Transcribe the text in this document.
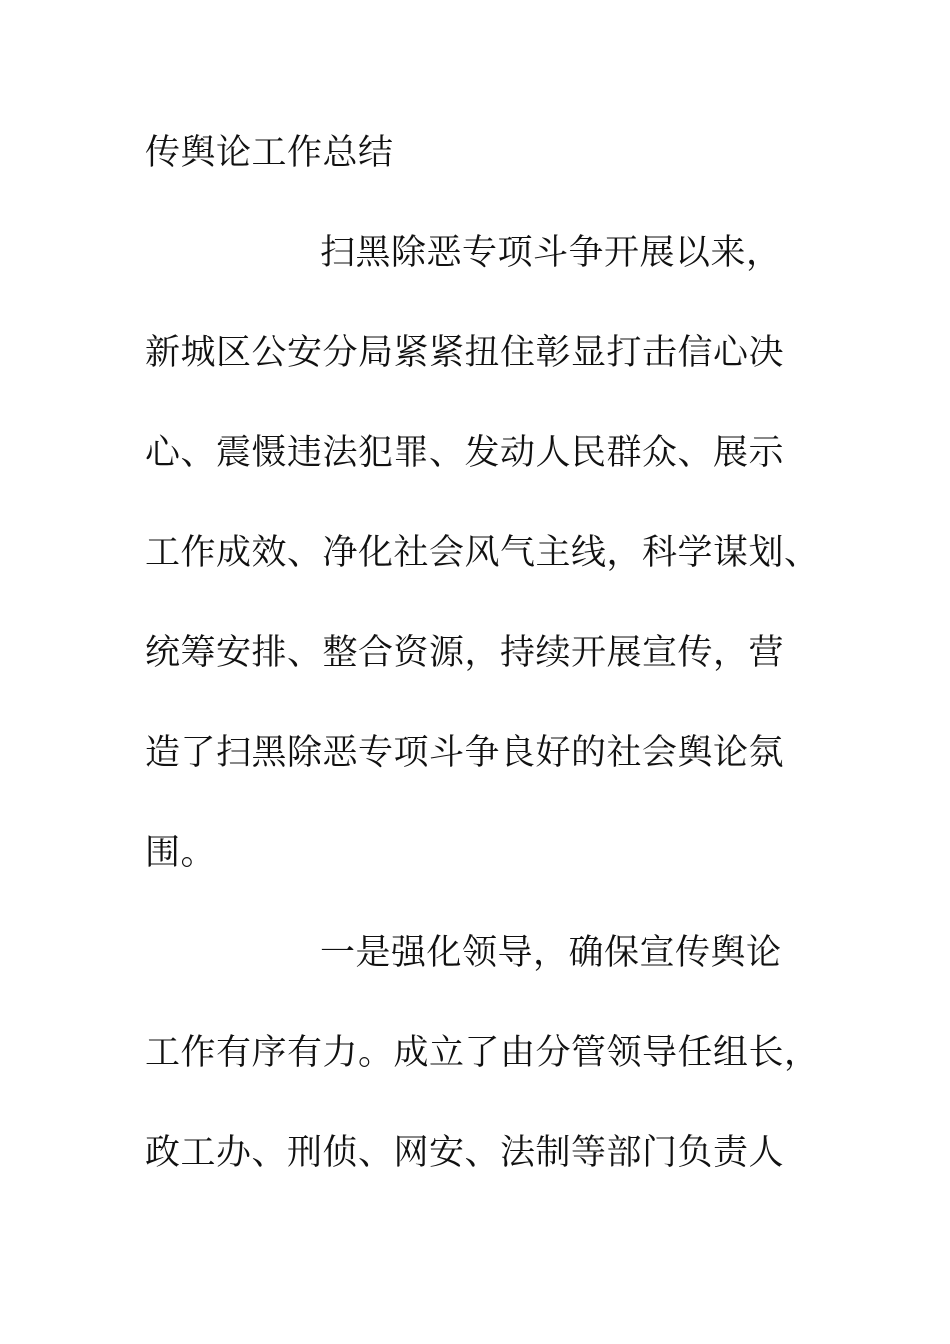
传舆论工作总结

扫黑除恶专项斗争开展以来，

新城区公安分局紧紧扭住彰显打击信心决

心、震慑违法犯罪、发动人民群众、展示

工作成效、净化社会风气主线，科学谋划、

统筹安排、整合资源，持续开展宣传，营

造了扫黑除恶专项斗争良好的社会舆论氛

围。

一是强化领导，确保宣传舆论

工作有序有力。成立了由分管领导任组长，

政工办、刑侦、网安、法制等部门负责人
